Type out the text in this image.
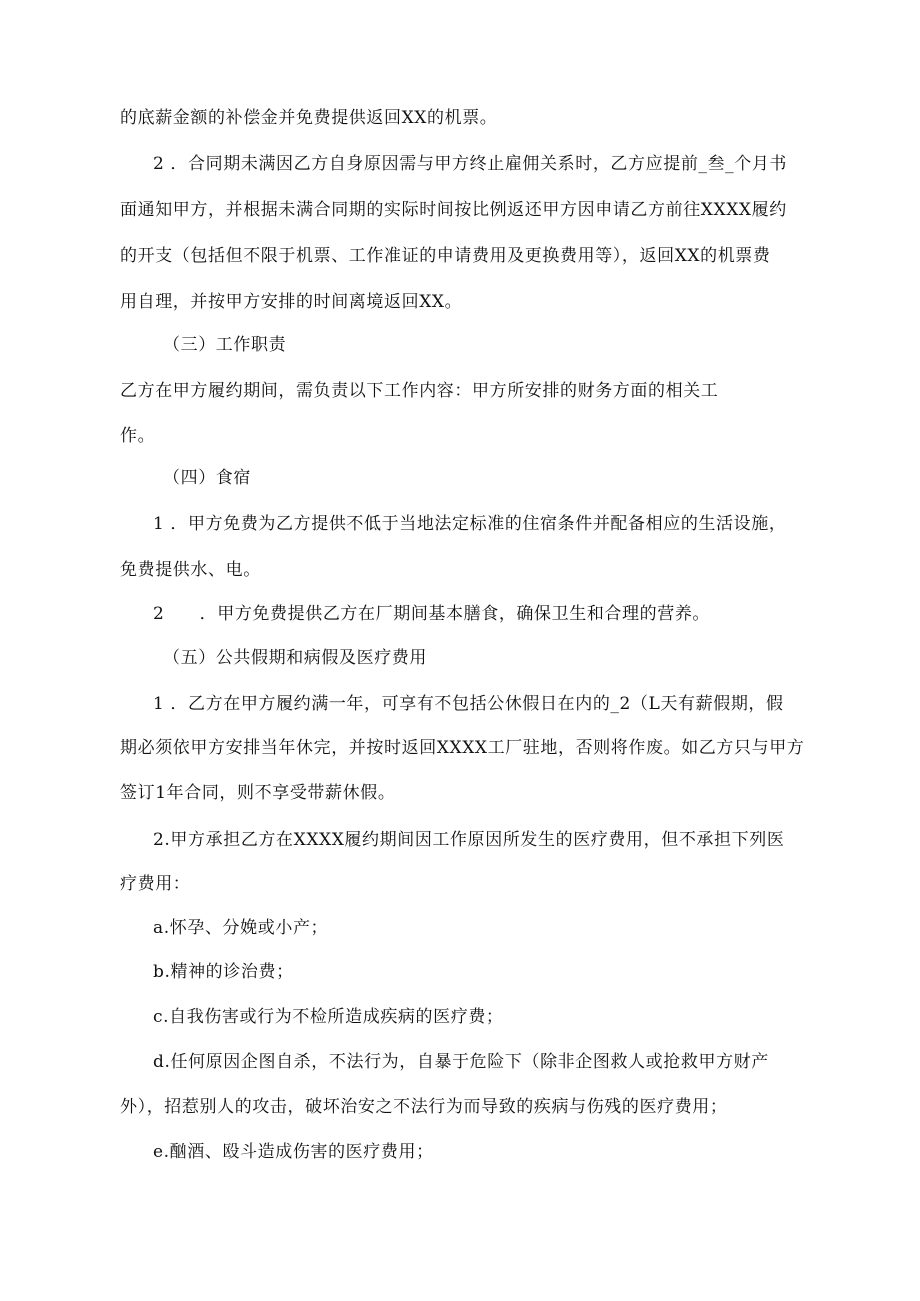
的底薪金额的补偿金并免费提供返回XX的机票。
2 ．合同期未满因乙方自身原因需与甲方终止雇佣关系时，乙方应提前_叁_个月书
面通知甲方，并根据未满合同期的实际时间按比例返还甲方因申请乙方前往XXXX履约
的开支（包括但不限于机票、工作准证的申请费用及更换费用等），返回XX的机票费
用自理，并按甲方安排的时间离境返回XX。
（三）工作职责
乙方在甲方履约期间，需负责以下工作内容：甲方所安排的财务方面的相关工
作。
（四）食宿
1 ．甲方免费为乙方提供不低于当地法定标准的住宿条件并配备相应的生活设施，
免费提供水、电。
2　　．甲方免费提供乙方在厂期间基本膳食，确保卫生和合理的营养。
（五）公共假期和病假及医疗费用
1 ．乙方在甲方履约满一年，可享有不包括公休假日在内的_2（L天有薪假期，假
期必须依甲方安排当年休完，并按时返回XXXX工厂驻地，否则将作废。如乙方只与甲方
签订1年合同，则不享受带薪休假。
2.甲方承担乙方在XXXX履约期间因工作原因所发生的医疗费用，但不承担下列医
疗费用：
a.怀孕、分娩或小产；
b.精神的诊治费；
c.自我伤害或行为不检所造成疾病的医疗费；
d.任何原因企图自杀，不法行为，自暴于危险下（除非企图救人或抢救甲方财产
外），招惹别人的攻击，破坏治安之不法行为而导致的疾病与伤残的医疗费用；
e.酗酒、殴斗造成伤害的医疗费用；
